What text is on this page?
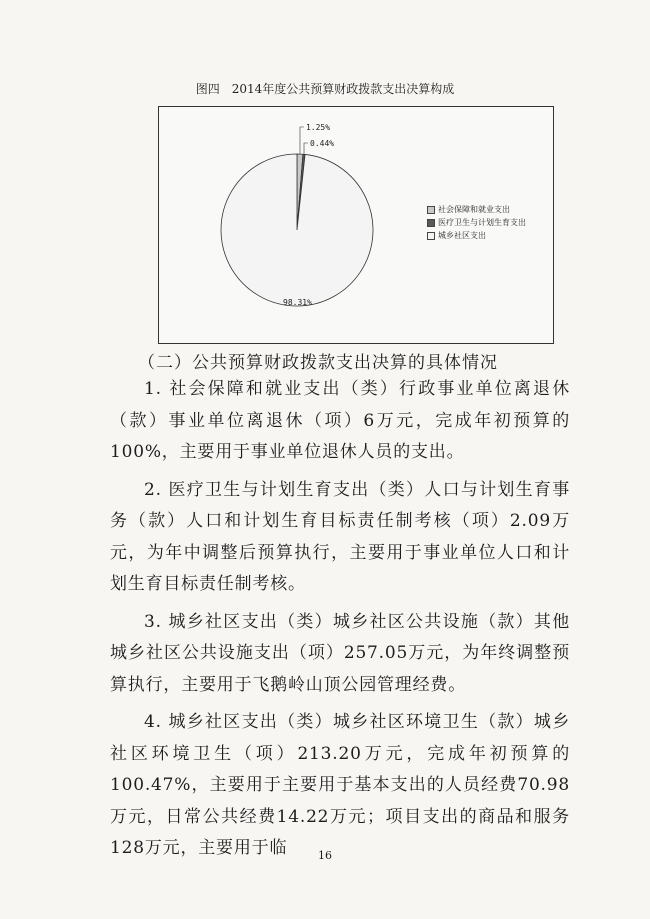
图四　2014年度公共预算财政拨款支出决算构成
1.25%
0.44%
98.31%
社会保障和就业支出
医疗卫生与计划生育支出
城乡社区支出
（二）公共预算财政拨款支出决算的具体情况

1. 社会保障和就业支出（类）行政事业单位离退休（款）事业单位离退休（项）6万元，完成年初预算的100%，主要用于事业单位退休人员的支出。

2. 医疗卫生与计划生育支出（类）人口与计划生育事务（款）人口和计划生育目标责任制考核（项）2.09万元，为年中调整后预算执行，主要用于事业单位人口和计划生育目标责任制考核。

3. 城乡社区支出（类）城乡社区公共设施（款）其他城乡社区公共设施支出（项）257.05万元，为年终调整预算执行，主要用于飞鹅岭山顶公园管理经费。

4. 城乡社区支出（类）城乡社区环境卫生（款）城乡社区环境卫生（项）213.20万元，完成年初预算的100.47%，主要用于主要用于基本支出的人员经费70.98万元，日常公共经费14.22万元；项目支出的商品和服务128万元，主要用于临	16
